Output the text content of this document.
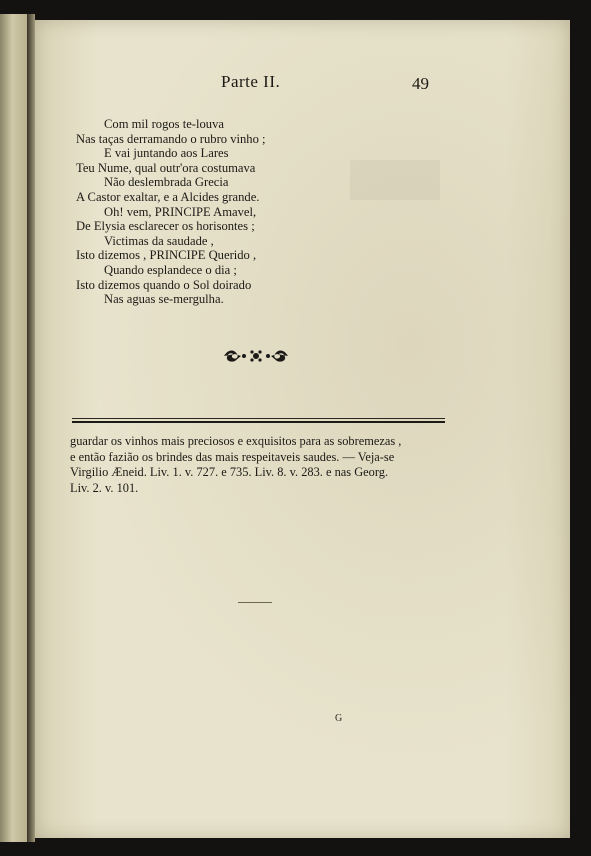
Parte II.	49
Com mil rogos te-louva
Nas taças derramando o rubro vinho ;
E vai juntando aos Lares
Teu Nume, qual outr'ora costumava
Não deslembrada Grecia
A Castor exaltar, e a Alcides grande.
Oh! vem, PRINCIPE Amavel,
De Elysia esclarecer os horisontes ;
Victimas da saudade ,
Isto dizemos , PRINCIPE Querido ,
Quando esplandece o dia ;
Isto dizemos quando o Sol doirado
Nas aguas se-mergulha.
guardar os vinhos mais preciosos e exquisitos para as sobremezas ,
e então fazião os brindes das mais respeitaveis saudes. — Veja-se
Virgilio Æneid. Liv. 1. v. 727. e 735. Liv. 8. v. 283. e nas Georg.
Liv. 2. v. 101.
G
